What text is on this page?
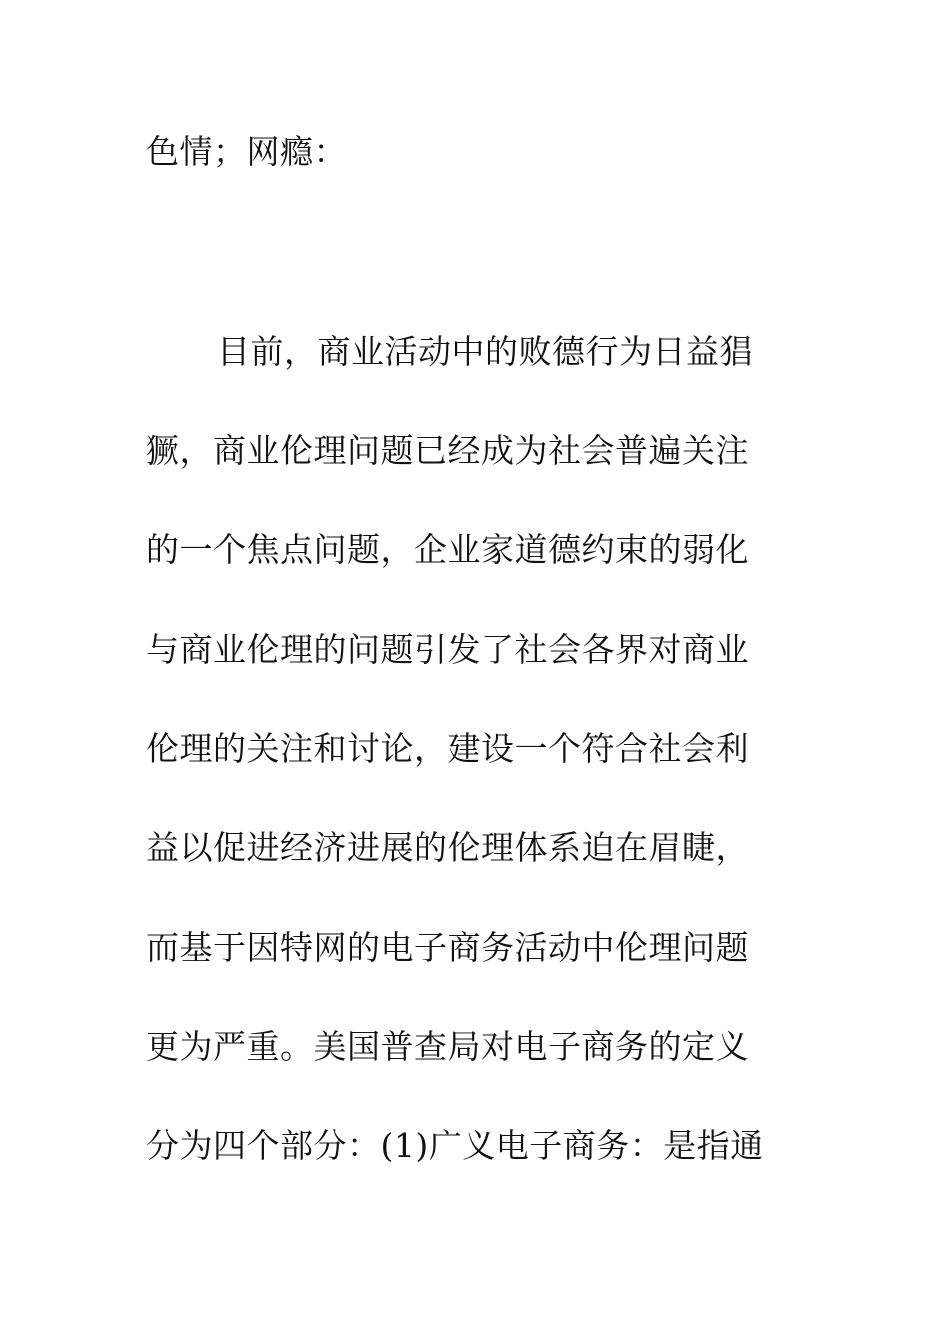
色情；网瘾：
目前，商业活动中的败德行为日益猖
獗，商业伦理问题已经成为社会普遍关注
的一个焦点问题，企业家道德约束的弱化
与商业伦理的问题引发了社会各界对商业
伦理的关注和讨论，建设一个符合社会利
益以促进经济进展的伦理体系迫在眉睫，
而基于因特网的电子商务活动中伦理问题
更为严重。美国普查局对电子商务的定义
分为四个部分：(1)广义电子商务：是指通
